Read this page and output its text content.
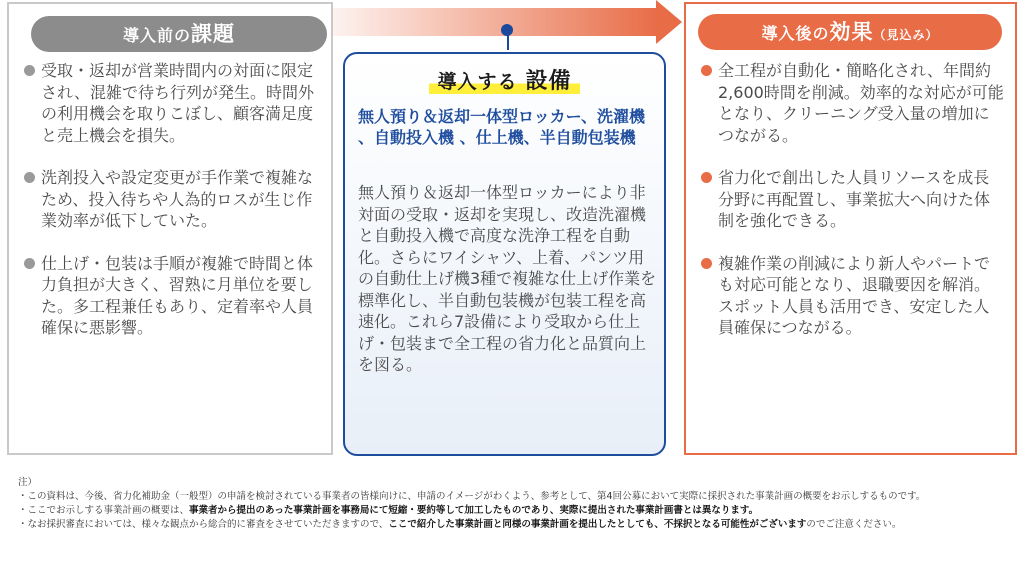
導入前の課題
受取・返却が営業時間内の対面に限定され、混雑で待ち行列が発生。時間外の利用機会を取りこぼし、顧客満足度と売上機会を損失。
洗剤投入や設定変更が手作業で複雑なため、投入待ちや人為的ロスが生じ作業効率が低下していた。
仕上げ・包装は手順が複雑で時間と体力負担が大きく、習熟に月単位を要した。多工程兼任もあり、定着率や人員確保に悪影響。
導入する 設備
無人預り＆返却一体型ロッカー、洗濯機 、自動投入機 、仕上機、半自動包装機
無人預り＆返却一体型ロッカーにより非対面の受取・返却を実現し、改造洗濯機と自動投入機で高度な洗浄工程を自動化。さらにワイシャツ、上着、パンツ用の自動仕上げ機3種で複雑な仕上げ作業を標準化し、半自動包装機が包装工程を高速化。これら7設備により受取から仕上げ・包装まで全工程の省力化と品質向上を図る。
導入後の効果（見込み）
全工程が自動化・簡略化され、年間約2,600時間を削減。効率的な対応が可能となり、クリーニング受入量の増加につながる。
省力化で創出した人員リソースを成長分野に再配置し、事業拡大へ向けた体制を強化できる。
複雑作業の削減により新人やパートでも対応可能となり、退職要因を解消。スポット人員も活用でき、安定した人員確保につながる。

注）

・この資料は、今後、省力化補助金（一般型）の申請を検討されている事業者の皆様向けに、申請のイメージがわくよう、参考として、第4回公募において実際に採択された事業計画の概要をお示しするものです。

・ここでお示しする事業計画の概要は、事業者から提出のあった事業計画を事務局にて短縮・要約等して加工したものであり、実際に提出された事業計画書とは異なります。

・なお採択審査においては、様々な観点から総合的に審査をさせていただきますので、ここで紹介した事業計画と同様の事業計画を提出したとしても、不採択となる可能性がございますのでご注意ください。
